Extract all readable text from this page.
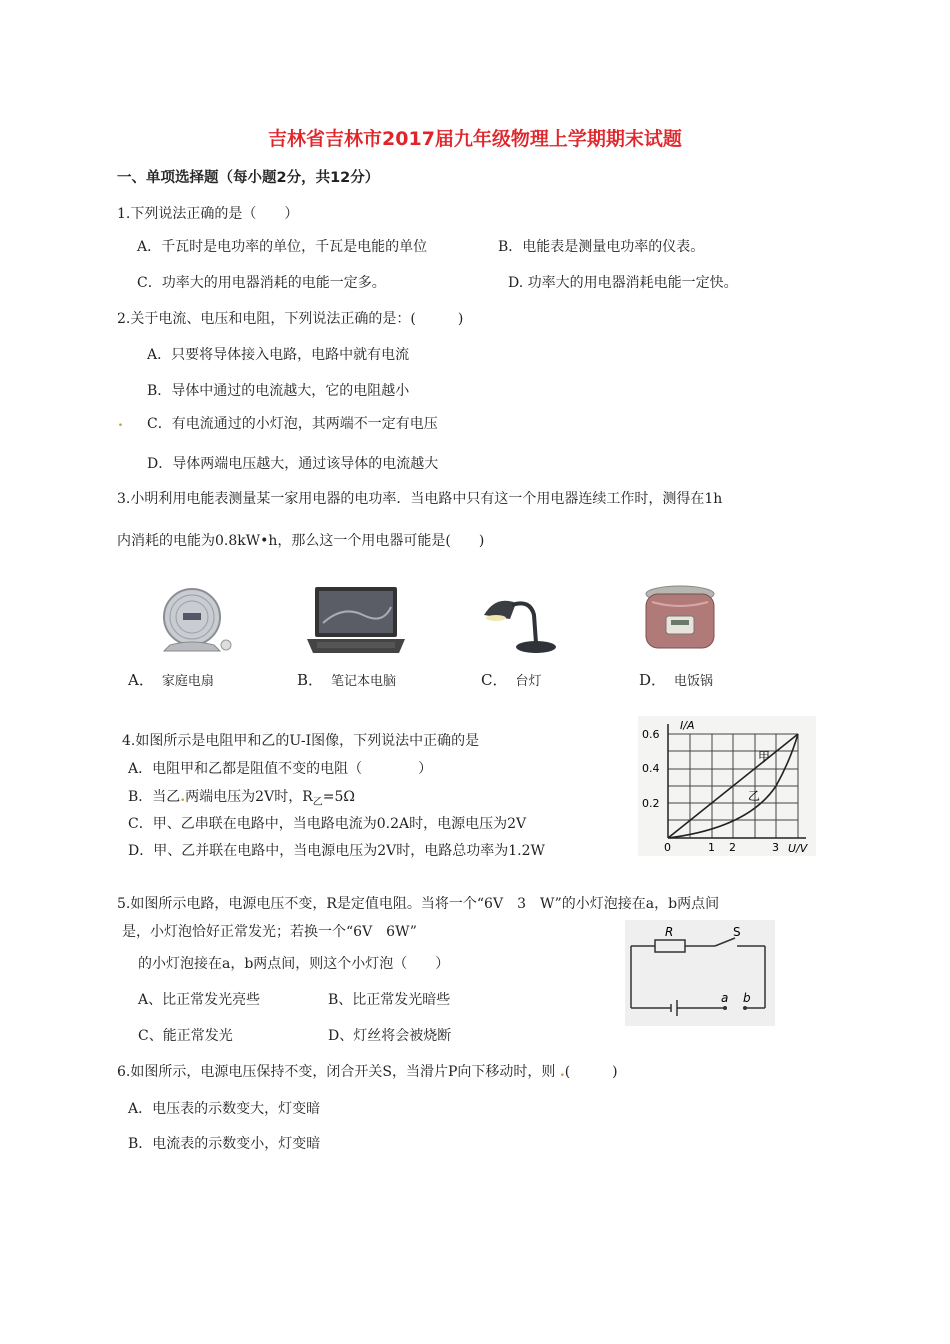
吉林省吉林市2017届九年级物理上学期期末试题
一、单项选择题（每小题2分，共12分）
1.下列说法正确的是（　　）
A．千瓦时是电功率的单位，千瓦是电能的单位	B．电能表是测量电功率的仪表。
C．功率大的用电器消耗的电能一定多。	D. 功率大的用电器消耗电能一定快。
2.关于电流、电压和电阻，下列说法正确的是：(　　　)
A．只要将导体接入电路，电路中就有电流
B．导体中通过的电流越大，它的电阻越小
. C．有电流通过的小灯泡，其两端不一定有电压
D．导体两端电压越大，通过该导体的电流越大
3.小明利用电能表测量某一家用电器的电功率．当电路中只有这一个用电器连续工作时，测得在1h
内消耗的电能为0.8kW•h，那么这一个用电器可能是(　　)
A． 家庭电扇	B． 笔记本电脑	C． 台灯	D． 电饭锅
4.如图所示是电阻甲和乙的U-I图像，下列说法中正确的是
A．电阻甲和乙都是阻值不变的电阻（　　　　）
B．当乙.两端电压为2V时，$R_乙=5\Omega$
C．甲、乙串联在电路中，当电路电流为0.2A时，电源电压为2V
D．甲、乙并联在电路中，当电源电压为2V时，电路总功率为1.2W
I/A
U/V
0.6
0.4
0.2
0	1 2	3
甲
乙
5.如图所示电路，电源电压不变，R是定值电阻。当将一个“6V　3　W”的小灯泡接在a，b两点间
是，小灯泡恰好正常发光；若换一个“6V　6W”
的小灯泡接在a，b两点间，则这个小灯泡（　　）
A、比正常发光亮些	B、比正常发光暗些
C、能正常发光	D、灯丝将会被烧断
R	S
a b
6.如图所示，电源电压保持不变，闭合开关S，当滑片P向下移动时，则 .(　　　)
A．电压表的示数变大，灯变暗
B．电流表的示数变小，灯变暗
